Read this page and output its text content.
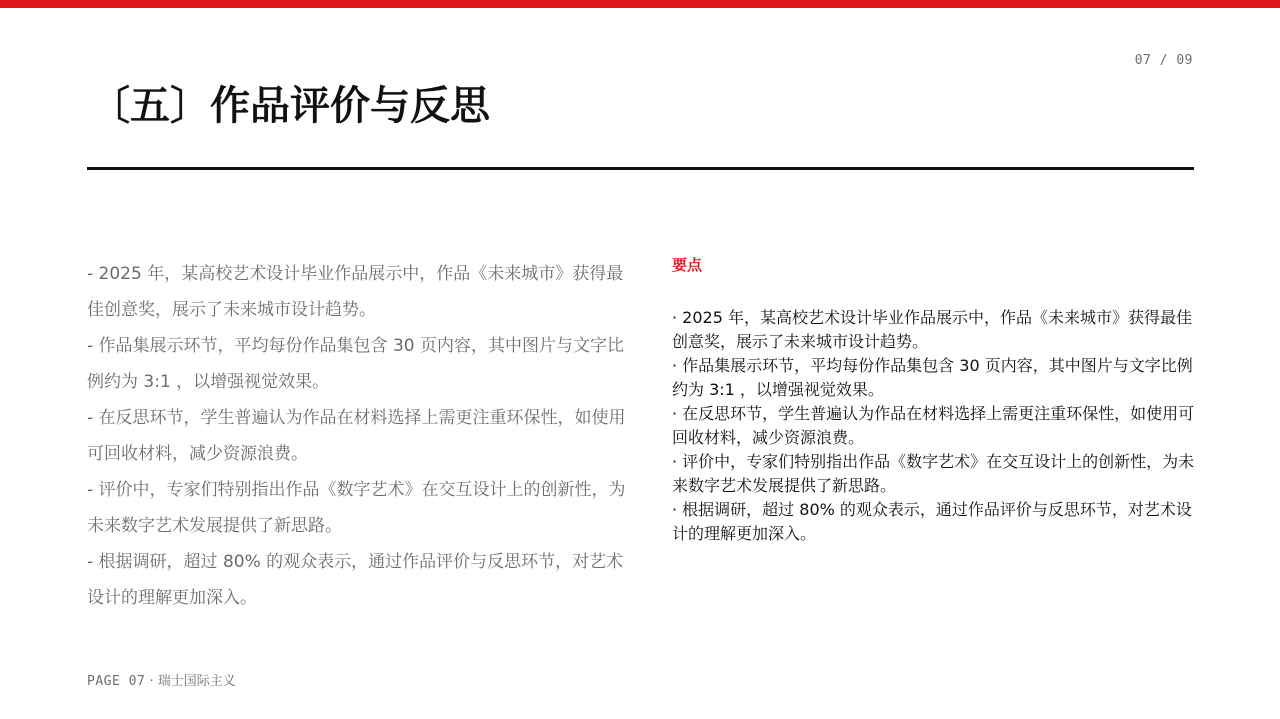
07 / 09
〔五〕作品评价与反思

- 2025 年，某高校艺术设计毕业作品展示中，作品《未来城市》获得最佳创意奖，展示了未来城市设计趋势。

- 作品集展示环节，平均每份作品集包含 30 页内容，其中图片与文字比例约为 3:1 ，以增强视觉效果。

- 在反思环节，学生普遍认为作品在材料选择上需更注重环保性，如使用可回收材料，减少资源浪费。

- 评价中，专家们特别指出作品《数字艺术》在交互设计上的创新性，为未来数字艺术发展提供了新思路。

- 根据调研，超过 80% 的观众表示，通过作品评价与反思环节，对艺术设计的理解更加深入。

要点

· 2025 年，某高校艺术设计毕业作品展示中，作品《未来城市》获得最佳创意奖，展示了未来城市设计趋势。

· 作品集展示环节，平均每份作品集包含 30 页内容，其中图片与文字比例约为 3:1 ，以增强视觉效果。

· 在反思环节，学生普遍认为作品在材料选择上需更注重环保性，如使用可回收材料，减少资源浪费。

· 评价中，专家们特别指出作品《数字艺术》在交互设计上的创新性，为未来数字艺术发展提供了新思路。

· 根据调研，超过 80% 的观众表示，通过作品评价与反思环节，对艺术设计的理解更加深入。

PAGE 07 · 瑞士国际主义
